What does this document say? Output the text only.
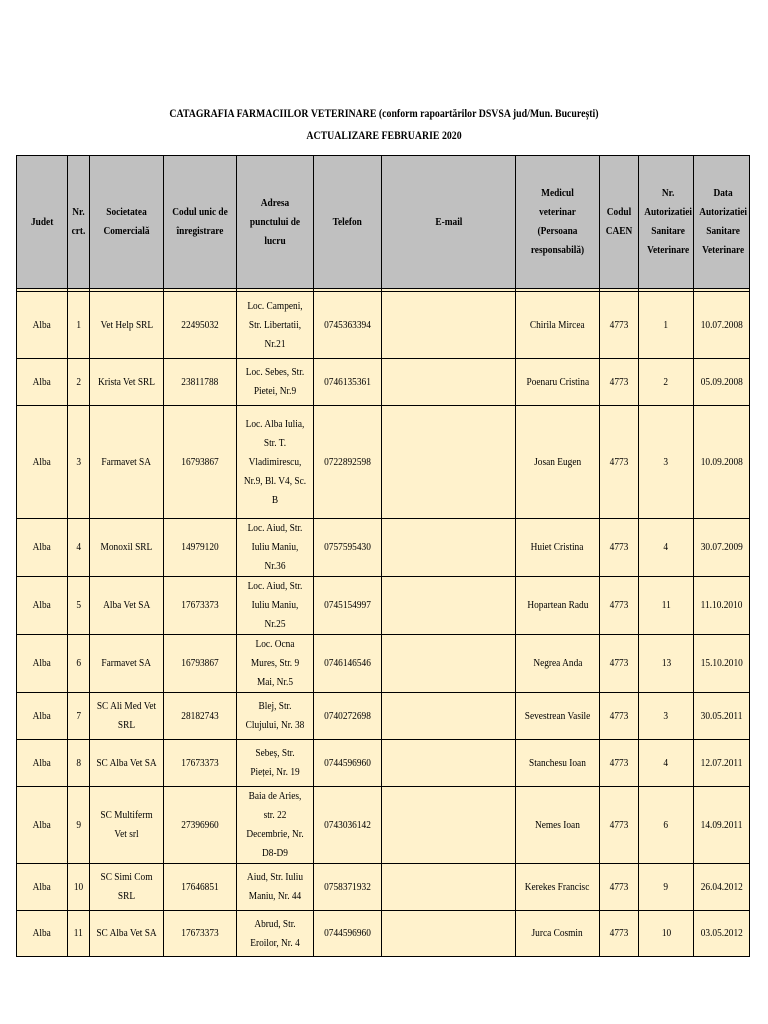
CATAGRAFIA FARMACIILOR VETERINARE (conform rapoartărilor DSVSA jud/Mun. București)
ACTUALIZARE FEBRUARIE 2020
Judet	Nr. crt.	Societatea Comercială	Codul unic de înregistrare	Adresa punctului de lucru	Telefon	E-mail	Medicul veterinar (Persoana responsabilă)	Codul CAEN	Nr. Autorizatiei Sanitare Veterinare	Data Autorizatiei Sanitare Veterinare

Alba	1	Vet Help SRL	22495032	Loc. Campeni, Str. Libertatii, Nr.21	0745363394		Chirila Mircea	4773	1	10.07.2008
Alba	2	Krista Vet SRL	23811788	Loc. Sebes, Str. Pietei, Nr.9	0746135361		Poenaru Cristina	4773	2	05.09.2008
Alba	3	Farmavet SA	16793867	Loc. Alba Iulia, Str. T. Vladimirescu, Nr.9, Bl. V4, Sc. B	0722892598		Josan Eugen	4773	3	10.09.2008
Alba	4	Monoxil SRL	14979120	Loc. Aiud, Str. Iuliu Maniu, Nr.36	0757595430		Huiet Cristina	4773	4	30.07.2009
Alba	5	Alba Vet SA	17673373	Loc. Aiud, Str. Iuliu Maniu, Nr.25	0745154997		Hopartean Radu	4773	11	11.10.2010
Alba	6	Farmavet SA	16793867	Loc. Ocna Mures, Str. 9 Mai, Nr.5	0746146546		Negrea Anda	4773	13	15.10.2010
Alba	7	SC Ali Med Vet SRL	28182743	Blej, Str. Clujului, Nr. 38	0740272698		Sevestrean Vasile	4773	3	30.05.2011
Alba	8	SC Alba Vet SA	17673373	Sebeș, Str. Pieței, Nr. 19	0744596960		Stanchesu Ioan	4773	4	12.07.2011
Alba	9	SC Multiferm Vet srl	27396960	Baia de Aries, str. 22 Decembrie, Nr. D8-D9	0743036142		Nemes Ioan	4773	6	14.09.2011
Alba	10	SC Simi Com SRL	17646851	Aiud, Str. Iuliu Maniu, Nr. 44	0758371932		Kerekes Francisc	4773	9	26.04.2012
Alba	11	SC Alba Vet SA	17673373	Abrud, Str. Eroilor, Nr. 4	0744596960		Jurca Cosmin	4773	10	03.05.2012
